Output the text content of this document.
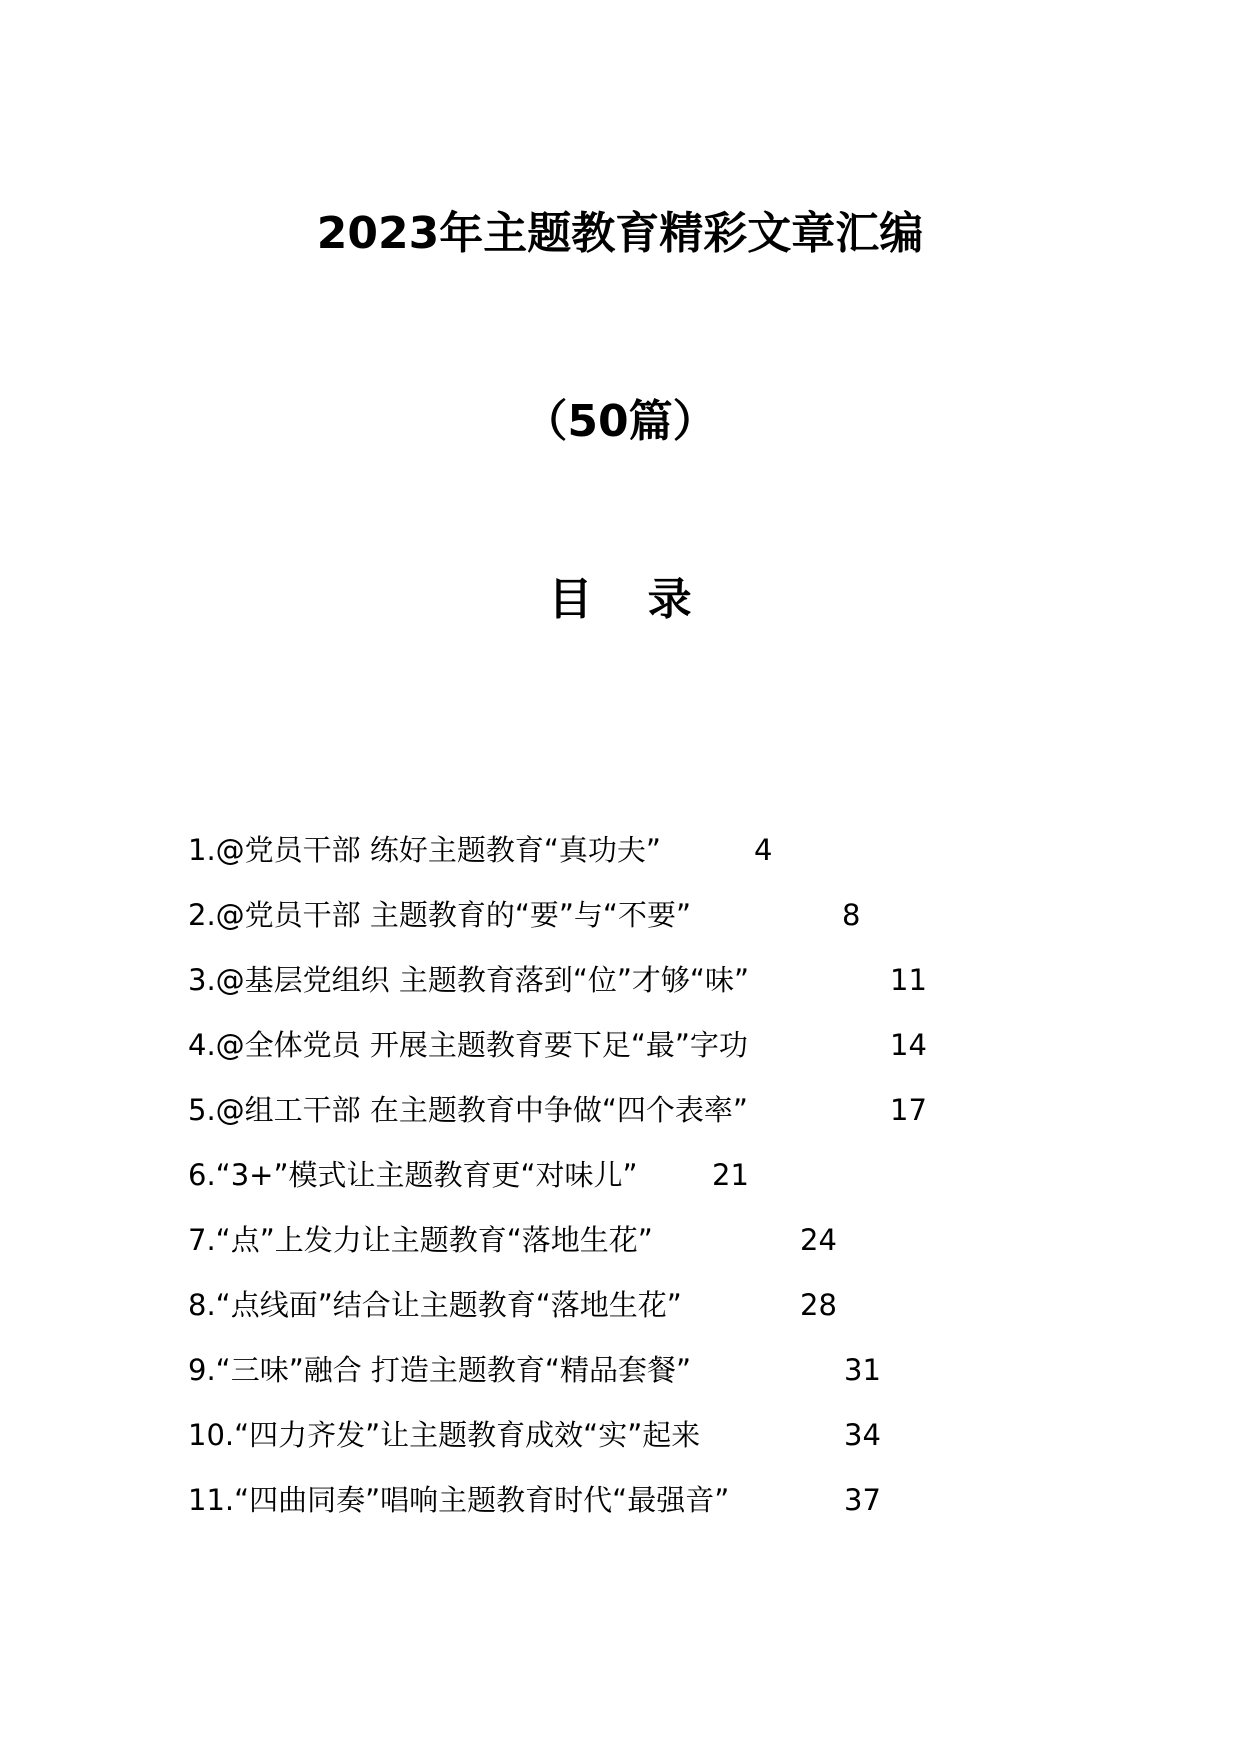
2023年主题教育精彩文章汇编
（50篇）
目 录
1.@党员干部 练好主题教育“真功夫”	4
2.@党员干部 主题教育的“要”与“不要”	8
3.@基层党组织 主题教育落到“位”才够“味”	11
4.@全体党员 开展主题教育要下足“最”字功	14
5.@组工干部 在主题教育中争做“四个表率”	17
6.“3+”模式让主题教育更“对味儿”	21
7.“点”上发力让主题教育“落地生花”	24
8.“点线面”结合让主题教育“落地生花”	28
9.“三味”融合 打造主题教育“精品套餐”	31
10.“四力齐发”让主题教育成效“实”起来	34
11.“四曲同奏”唱响主题教育时代“最强音”	37
